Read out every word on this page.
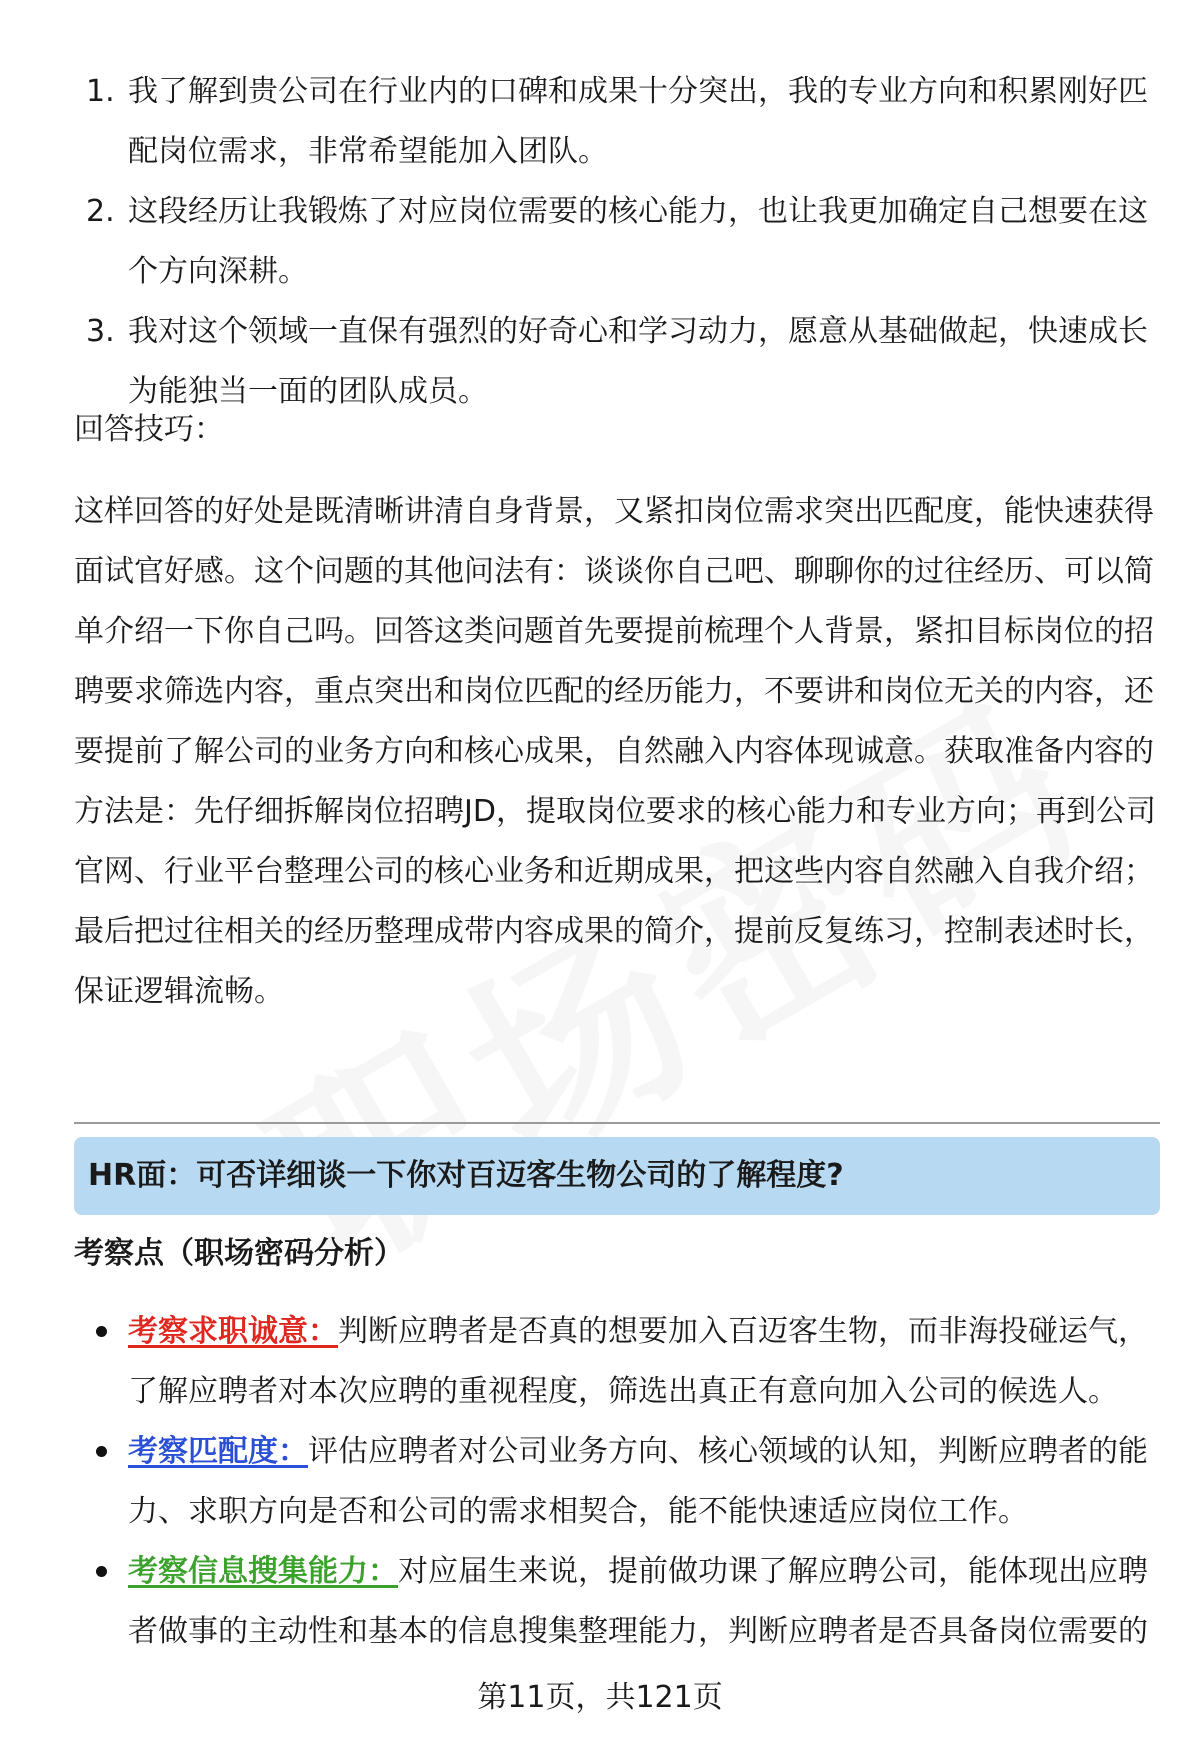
1. 我了解到贵公司在行业内的口碑和成果十分突出，我的专业方向和积累刚好匹配岗位需求，非常希望能加入团队。
2. 这段经历让我锻炼了对应岗位需要的核心能力，也让我更加确定自己想要在这个方向深耕。
3. 我对这个领域一直保有强烈的好奇心和学习动力，愿意从基础做起，快速成长为能独当一面的团队成员。

回答技巧：

这样回答的好处是既清晰讲清自身背景，又紧扣岗位需求突出匹配度，能快速获得面试官好感。这个问题的其他问法有：谈谈你自己吧、聊聊你的过往经历、可以简单介绍一下你自己吗。回答这类问题首先要提前梳理个人背景，紧扣目标岗位的招聘要求筛选内容，重点突出和岗位匹配的经历能力，不要讲和岗位无关的内容，还要提前了解公司的业务方向和核心成果，自然融入内容体现诚意。获取准备内容的方法是：先仔细拆解岗位招聘JD，提取岗位要求的核心能力和专业方向；再到公司官网、行业平台整理公司的核心业务和近期成果，把这些内容自然融入自我介绍；最后把过往相关的经历整理成带内容成果的简介，提前反复练习，控制表述时长，保证逻辑流畅。

HR面：可否详细谈一下你对百迈客生物公司的了解程度?

考察点（职场密码分析）

考察求职诚意：判断应聘者是否真的想要加入百迈客生物，而非海投碰运气，了解应聘者对本次应聘的重视程度，筛选出真正有意向加入公司的候选人。
考察匹配度：评估应聘者对公司业务方向、核心领域的认知，判断应聘者的能力、求职方向是否和公司的需求相契合，能不能快速适应岗位工作。
考察信息搜集能力：对应届生来说，提前做功课了解应聘公司，能体现出应聘者做事的主动性和基本的信息搜集整理能力，判断应聘者是否具备岗位需要的
第11页，共121页
